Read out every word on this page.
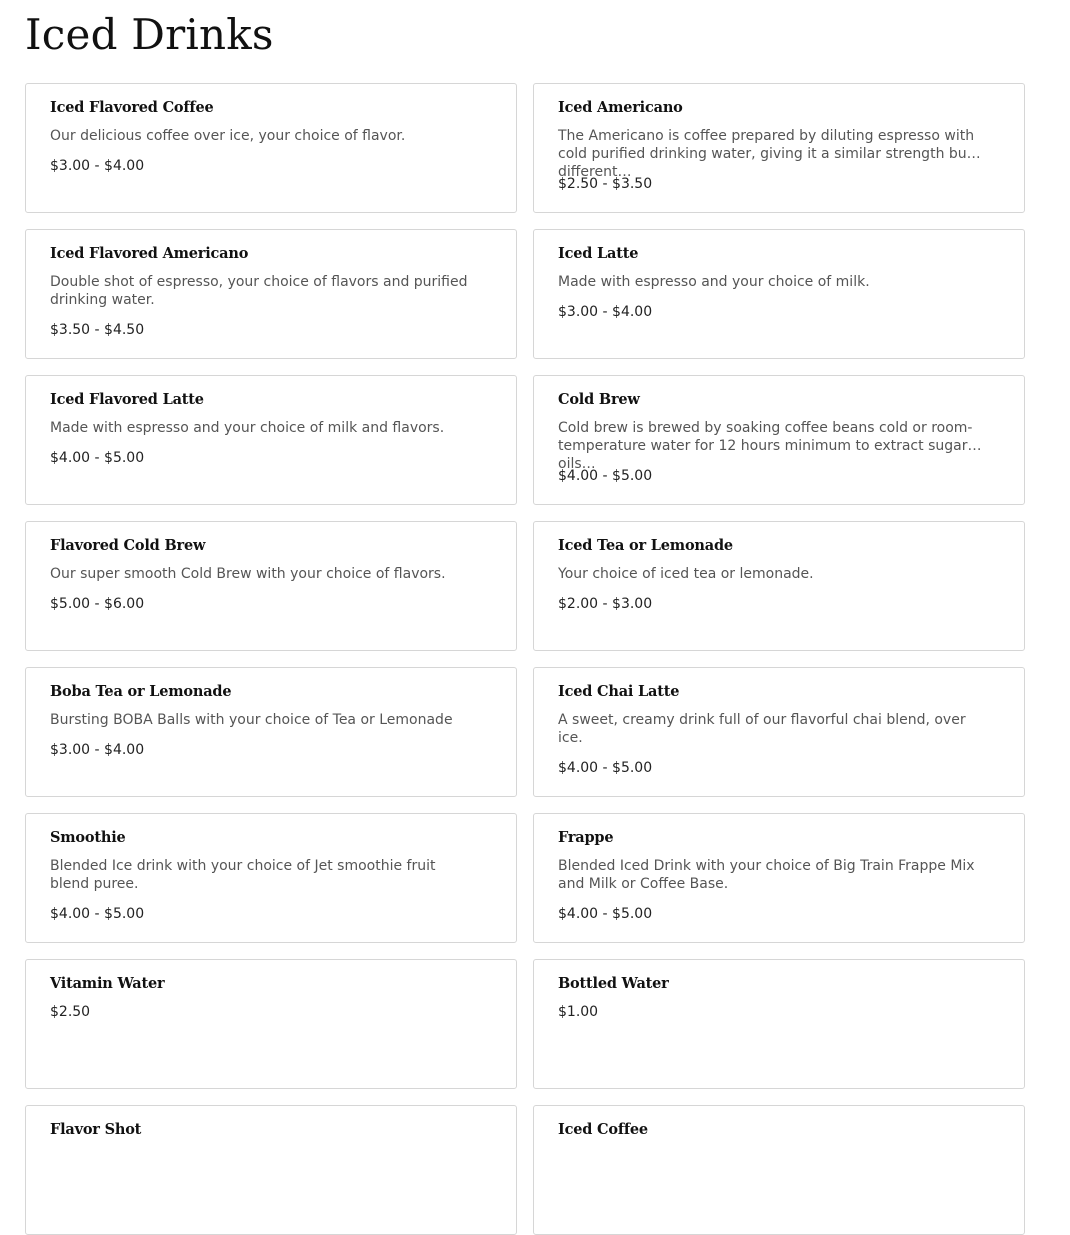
Iced Drinks
Iced Flavored Coffee
Our delicious coffee over ice, your choice of flavor.
$3.00 - $4.00
Iced Americano
The Americano is coffee prepared by diluting espresso with cold purified drinking water, giving it a similar strength but different…
$2.50 - $3.50
Iced Flavored Americano
Double shot of espresso, your choice of flavors and purified drinking water.
$3.50 - $4.50
Iced Latte
Made with espresso and your choice of milk.
$3.00 - $4.00
Iced Flavored Latte
Made with espresso and your choice of milk and flavors.
$4.00 - $5.00
Cold Brew
Cold brew is brewed by soaking coffee beans cold or room-temperature water for 12 hours minimum to extract sugars, oils…
$4.00 - $5.00
Flavored Cold Brew
Our super smooth Cold Brew with your choice of flavors.
$5.00 - $6.00
Iced Tea or Lemonade
Your choice of iced tea or lemonade.
$2.00 - $3.00
Boba Tea or Lemonade
Bursting BOBA Balls with your choice of Tea or Lemonade
$3.00 - $4.00
Iced Chai Latte
A sweet, creamy drink full of our flavorful chai blend, over ice.
$4.00 - $5.00
Smoothie
Blended Ice drink with your choice of Jet smoothie fruit blend puree.
$4.00 - $5.00
Frappe
Blended Iced Drink with your choice of Big Train Frappe Mix and Milk or Coffee Base.
$4.00 - $5.00
Vitamin Water
$2.50
Bottled Water
$1.00
Flavor Shot	Iced Coffee
